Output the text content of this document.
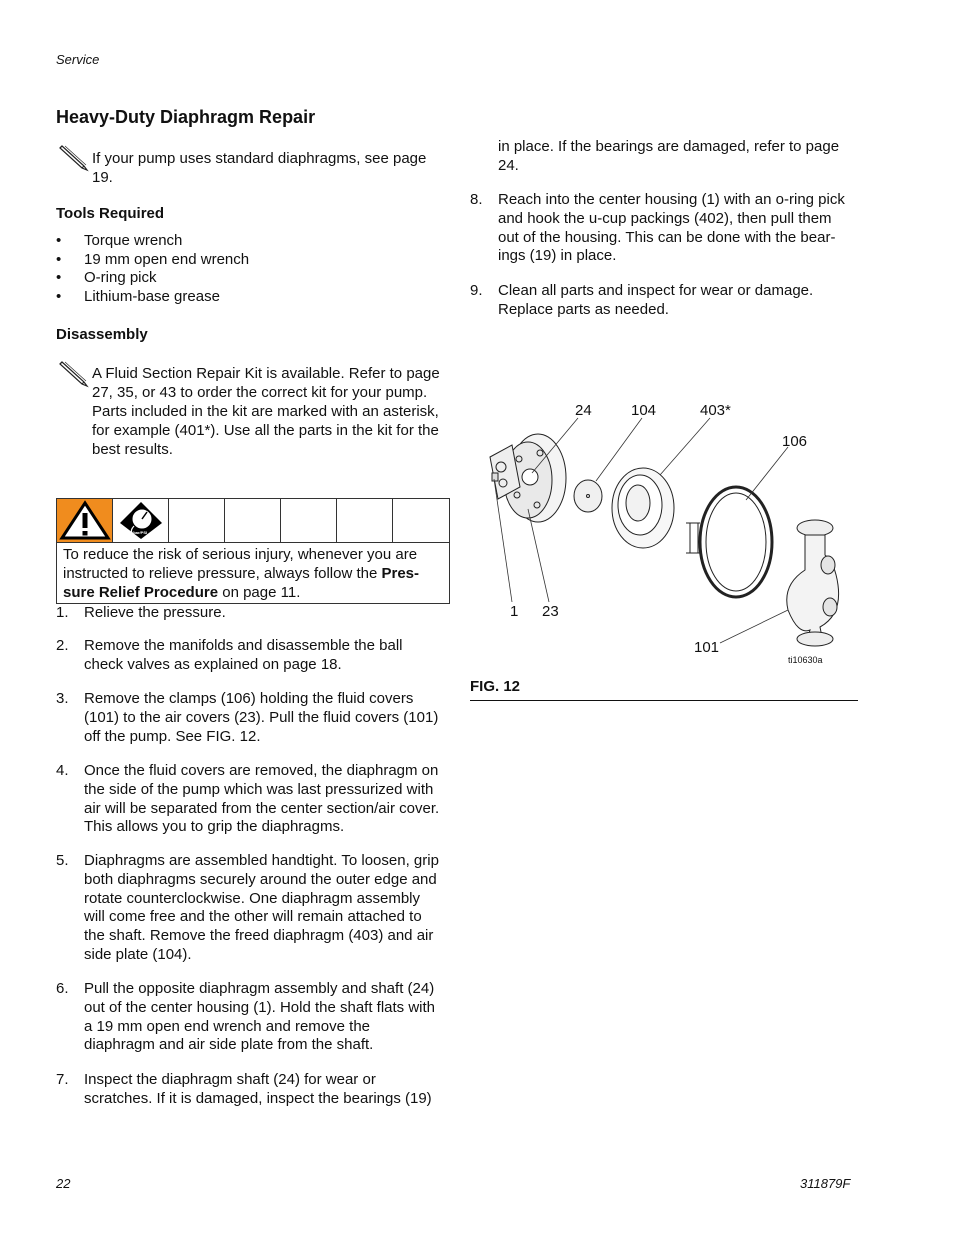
Service
Heavy-Duty Diaphragm Repair
If your pump uses standard diaphragms, see page 19.
Tools Required
• Torque wrench
• 19 mm open end wrench
• O-ring pick
• Lithium-base grease
Disassembly
A Fluid Section Repair Kit is available. Refer to page 27, 35, or 43 to order the correct kit for your pump. Parts included in the kit are marked with an asterisk, for example (401*). Use all the parts in the kit for the best results.
MPa/bar/PSI
To reduce the risk of serious injury, whenever you are instructed to relieve pressure, always follow the Pres-sure Relief Procedure on page 11.
1. Relieve the pressure.
2. Remove the manifolds and disassemble the ball check valves as explained on page 18.
3. Remove the clamps (106) holding the fluid covers (101) to the air covers (23). Pull the fluid covers (101) off the pump. See FIG. 12.
4. Once the fluid covers are removed, the diaphragm on the side of the pump which was last pressurized with air will be separated from the center section/air cover. This allows you to grip the diaphragms.
5. Diaphragms are assembled handtight. To loosen, grip both diaphragms securely around the outer edge and rotate counterclockwise. One diaphragm assembly will come free and the other will remain attached to the shaft. Remove the freed diaphragm (403) and air side plate (104).
6. Pull the opposite diaphragm assembly and shaft (24) out of the center housing (1). Hold the shaft flats with a 19 mm open end wrench and remove the diaphragm and air side plate from the shaft.
7. Inspect the diaphragm shaft (24) for wear or scratches. If it is damaged, inspect the bearings (19)
in place. If the bearings are damaged, refer to page 24.
8. Reach into the center housing (1) with an o-ring pick and hook the u-cup packings (402), then pull them out of the housing. This can be done with the bear-ings (19) in place.
9. Clean all parts and inspect for wear or damage. Replace parts as needed.
24	104	403*
106
1 23
101
ti10630a
FIG. 12
22	311879F
